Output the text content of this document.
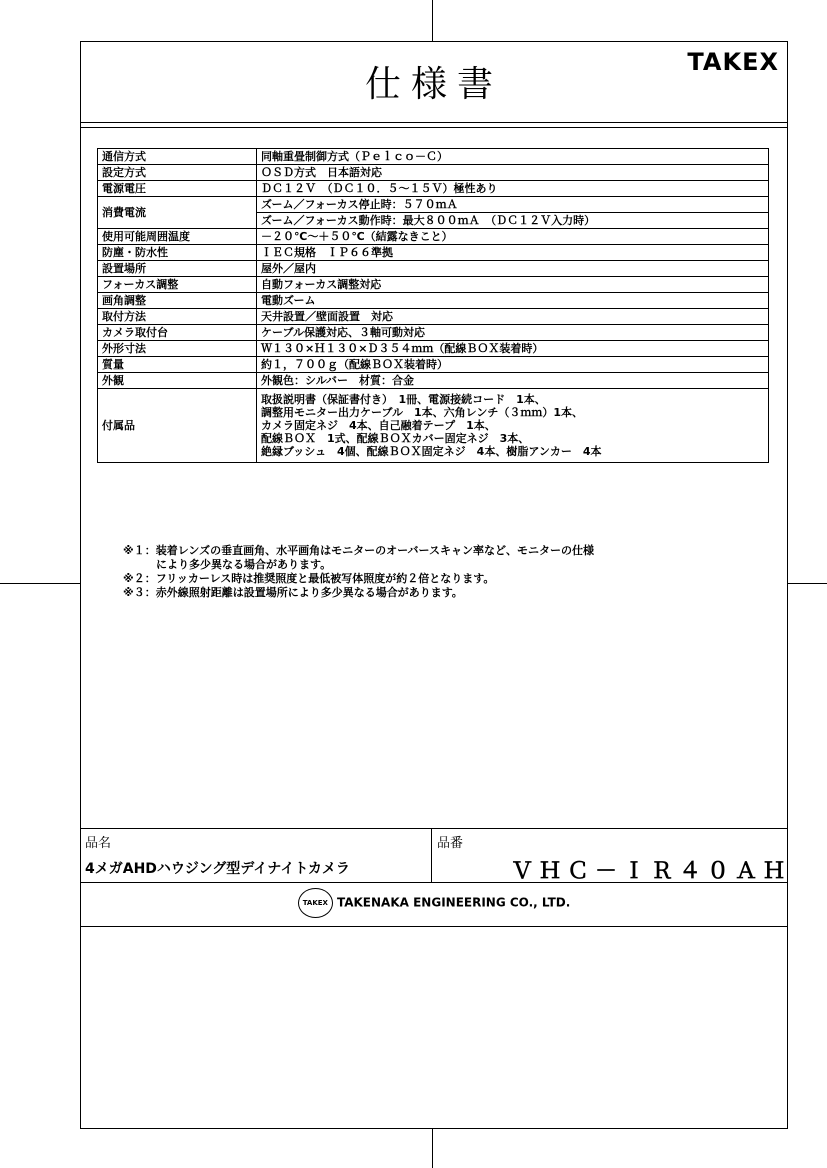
仕様書
TAKEX
通信方式	同軸重畳制御方式（Ｐｅｌｃｏ－Ｃ）
設定方式	ＯＳＤ方式　日本語対応
電源電圧	ＤＣ１２Ｖ　（ＤＣ１０．５～１５Ｖ）極性あり
消費電流	ズーム／フォーカス停止時：５７０ｍＡ
	ズーム／フォーカス動作時：最大８００ｍＡ　（ＤＣ１２Ｖ入力時）
使用可能周囲温度	－２０℃～＋５０℃（結露なきこと）
防塵・防水性	ＩＥＣ規格　ＩＰ６６準拠
設置場所	屋外／屋内
フォーカス調整	自動フォーカス調整対応
画角調整	電動ズーム
取付方法	天井設置／壁面設置　対応
カメラ取付台	ケーブル保護対応、３軸可動対応
外形寸法	Ｗ１３０×Ｈ１３０×Ｄ３５４ｍｍ（配線ＢＯＸ装着時）
質量	約１，７００ｇ（配線ＢＯＸ装着時）
外観	外観色：シルバー　材質：合金
付属品	取扱説明書（保証書付き）　1冊、電源接続コード　1本、
調整用モニター出力ケーブル　1本、六角レンチ（３ｍｍ）1本、
カメラ固定ネジ　4本、自己融着テープ　1本、
配線ＢＯＸ　1式、配線ＢＯＸカバー固定ネジ　3本、
絶縁ブッシュ　4個、配線ＢＯＸ固定ネジ　4本、樹脂アンカー　4本
※１：装着レンズの垂直画角、水平画角はモニターのオーバースキャン率など、モニターの仕様
により多少異なる場合があります。
※２：フリッカーレス時は推奨照度と最低被写体照度が約２倍となります。
※３：赤外線照射距離は設置場所により多少異なる場合があります。
品名
4メガAHDハウジング型デイナイトカメラ
品番
ＶＨＣ－ＩＲ４０ＡＨ
TAKEX TAKENAKA ENGINEERING CO., LTD.
